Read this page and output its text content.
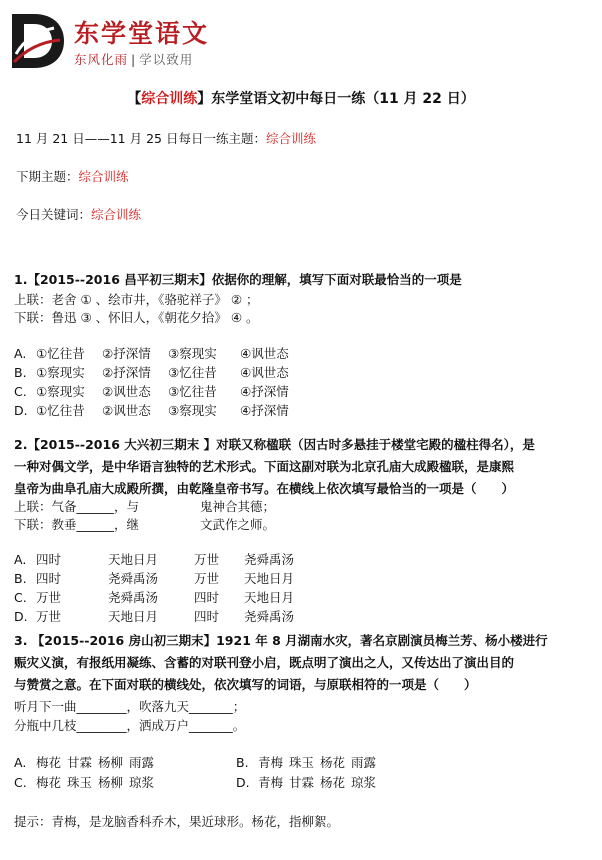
东学堂语文
东风化雨 | 学以致用
【综合训练】东学堂语文初中每日一练（11 月 22 日）
11 月 21 日——11 月 25 日每日一练主题：综合训练
下期主题：综合训练
今日关键词：综合训练
1.【2015--2016 昌平初三期末】依据你的理解，填写下面对联最恰当的一项是
上联：老舍 ① 、绘市井，《骆驼祥子》 ② ；
下联：鲁迅 ③ 、怀旧人，《朝花夕拾》 ④ 。
A. ①忆往昔	②抒深情	③察现实	④讽世态
B. ①察现实	②抒深情	③忆往昔	④讽世态
C. ①察现实	②讽世态	③忆往昔	④抒深情
D. ①忆往昔	②讽世态	③察现实	④抒深情
2.【2015--2016 大兴初三期末 】对联又称楹联（因古时多悬挂于楼堂宅殿的楹柱得名），是
一种对偶文学，是中华语言独特的艺术形式。下面这副对联为北京孔庙大成殿楹联，是康熙
皇帝为曲阜孔庙大成殿所撰，由乾隆皇帝书写。在横线上依次填写最恰当的一项是（　　）
上联：气备______，与	鬼神合其德；
下联：教垂______，继	文武作之师。
A. 四时	天地日月	万世	尧舜禹汤
B. 四时	尧舜禹汤	万世	天地日月
C. 万世	尧舜禹汤	四时	天地日月
D. 万世	天地日月	四时	尧舜禹汤
3. 【2015--2016 房山初三期末】1921 年 8 月湖南水灾，著名京剧演员梅兰芳、杨小楼进行
赈灾义演，有报纸用凝练、含蓄的对联刊登小启，既点明了演出之人，又传达出了演出目的
与赞赏之意。在下面对联的横线处，依次填写的词语，与原联相符的一项是（　　）
听月下一曲________，吹落九天_______；
分瓶中几枝________，洒成万户_______。
A. 梅花 甘霖 杨柳 雨露	B. 青梅 珠玉 杨花 雨露
C. 梅花 珠玉 杨柳 琼浆	D. 青梅 甘霖 杨花 琼浆
提示：青梅，是龙脑香科乔木，果近球形。杨花，指柳絮。
